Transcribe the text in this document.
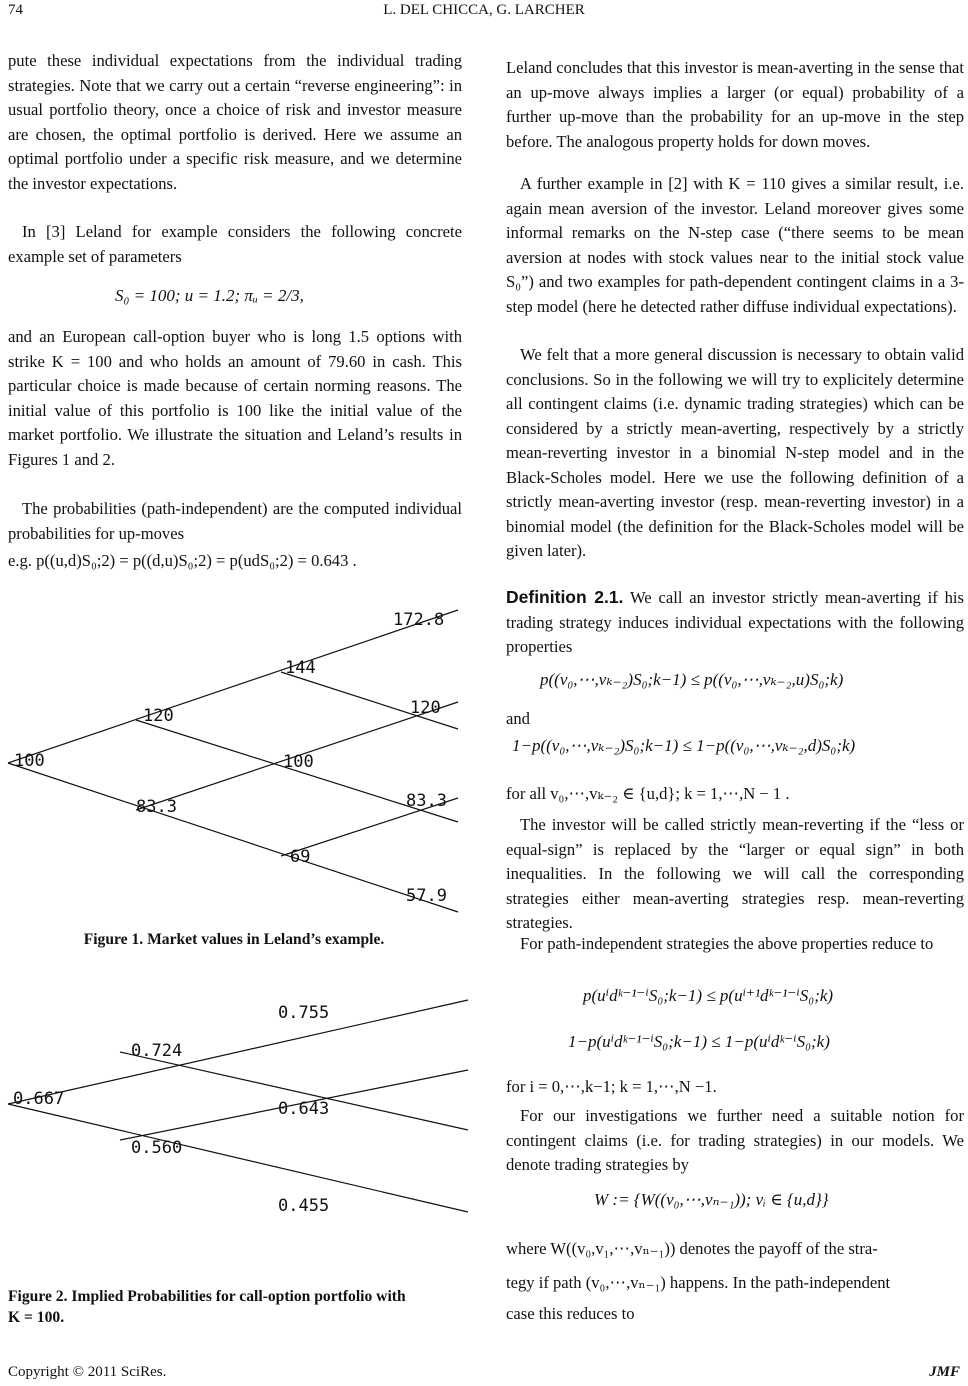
74	L. DEL CHICCA, G. LARCHER

pute these individual expectations from the individual trading strategies. Note that we carry out a certain “reverse engineering”: in usual portfolio theory, once a choice of risk and investor measure are chosen, the optimal portfolio is derived. Here we assume an optimal portfolio under a specific risk measure, and we determine the investor expectations.

In [3] Leland for example considers the following concrete example set of parameters

S₀ = 100; u = 1.2; πᵤ = 2/3,

and an European call-option buyer who is long 1.5 options with strike K = 100 and who holds an amount of 79.60 in cash. This particular choice is made because of certain norming reasons. The initial value of this portfolio is 100 like the initial value of the market portfolio. We illustrate the situation and Leland’s results in Figures 1 and 2.

The probabilities (path-independent) are the computed individual probabilities for up-moves

e.g. p((u,d)S₀;2) = p((d,u)S₀;2) = p(udS₀;2) = 0.643 .
100
120
83.3
144
100
69
172.8
120
83.3
57.9
Figure 1. Market values in Leland’s example.
0.667
0.724
0.560
0.755
0.643
0.455
Figure 2. Implied Probabilities for call-option portfolio with
K = 100.

Leland concludes that this investor is mean-averting in the sense that an up-move always implies a larger (or equal) probability of a further up-move than the probability for an up-move in the step before. The analogous property holds for down moves.

A further example in [2] with K = 110 gives a similar result, i.e. again mean aversion of the investor. Leland moreover gives some informal remarks on the N-step case (“there seems to be mean aversion at nodes with stock values near to the initial stock value S₀”) and two examples for path-dependent contingent claims in a 3-step model (here he detected rather diffuse individual expectations).

We felt that a more general discussion is necessary to obtain valid conclusions. So in the following we will try to explicitely determine all contingent claims (i.e. dynamic trading strategies) which can be considered by a strictly mean-averting, respectively by a strictly mean-reverting investor in a binomial N-step model and in the Black-Scholes model. Here we use the following definition of a strictly mean-averting investor (resp. mean-reverting investor) in a binomial model (the definition for the Black-Scholes model will be given later).

Definition 2.1. We call an investor strictly mean-averting if his trading strategy induces individual expectations with the following properties
p((v₀,⋯,vₖ₋₂)S₀;k−1) ≤ p((v₀,⋯,vₖ₋₂,u)S₀;k)
and
1−p((v₀,⋯,vₖ₋₂)S₀;k−1) ≤ 1−p((v₀,⋯,vₖ₋₂,d)S₀;k)
for all v₀,⋯,vₖ₋₂ ∈ {u,d}; k = 1,⋯,N − 1 .

The investor will be called strictly mean-reverting if the “less or equal-sign” is replaced by the “larger or equal sign” in both inequalities. In the following we will call the corresponding strategies either mean-averting strategies resp. mean-reverting strategies.

For path-independent strategies the above properties reduce to

p(uⁱdᵏ⁻¹⁻ⁱS₀;k−1) ≤ p(uⁱ⁺¹dᵏ⁻¹⁻ⁱS₀;k)
1−p(uⁱdᵏ⁻¹⁻ⁱS₀;k−1) ≤ 1−p(uⁱdᵏ⁻ⁱS₀;k)
for i = 0,⋯,k−1; k = 1,⋯,N −1.

For our investigations we further need a suitable notion for contingent claims (i.e. for trading strategies) in our models. We denote trading strategies by

W := {W((v₀,⋯,vₙ₋₁)); vᵢ ∈ {u,d}}
where W((v₀,v₁,⋯,vₙ₋₁)) denotes the payoff of the stra-
tegy if path (v₀,⋯,vₙ₋₁) happens. In the path-independent
case this reduces to
Copyright © 2011 SciRes.	JMF
